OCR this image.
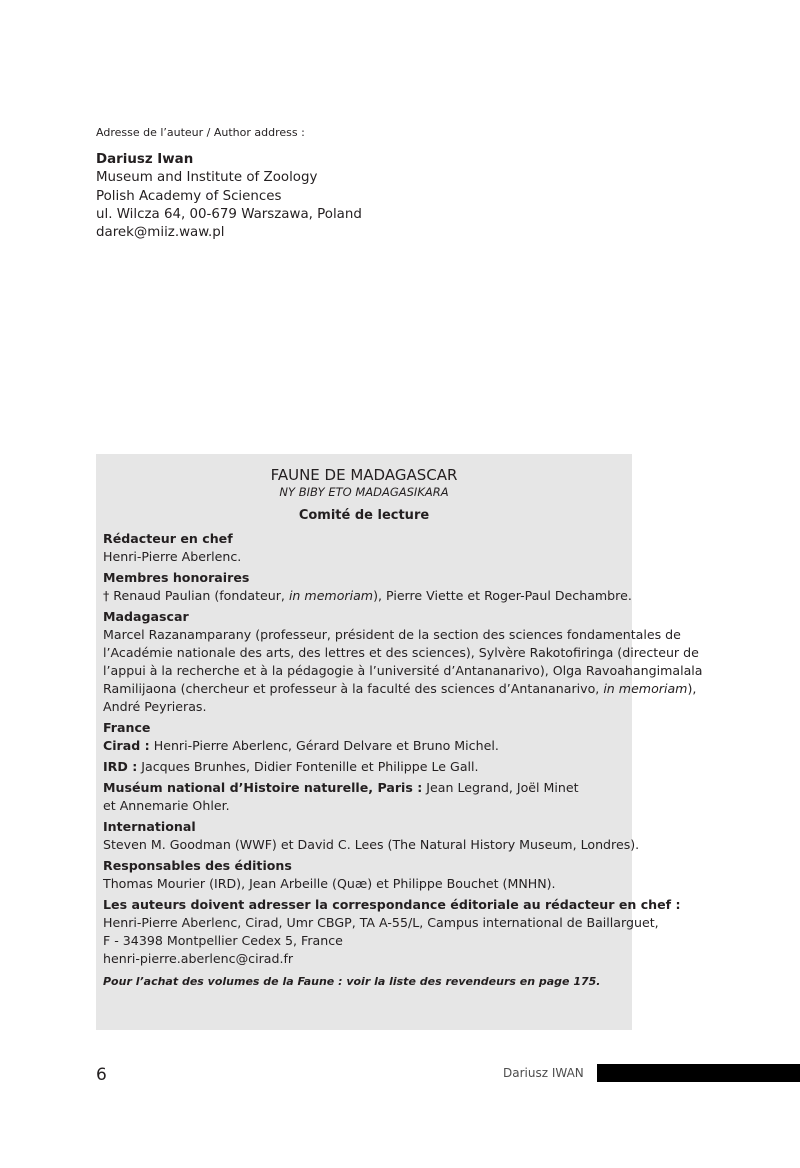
Adresse de l’auteur / Author address :
Dariusz Iwan
Museum and Institute of Zoology
Polish Academy of Sciences
ul. Wilcza 64, 00-679 Warszawa, Poland
darek@miiz.waw.pl
FAUNE DE MADAGASCAR
NY BIBY ETO MADAGASIKARA
Comité de lecture
Rédacteur en chef
Henri-Pierre Aberlenc.
Membres honoraires
† Renaud Paulian (fondateur, in memoriam), Pierre Viette et Roger-Paul Dechambre.
Madagascar
Marcel Razanamparany (professeur, président de la section des sciences fondamentales de
l’Académie nationale des arts, des lettres et des sciences), Sylvère Rakotofiringa (directeur de
l’appui à la recherche et à la pédagogie à l’université d’Antananarivo), Olga Ravoahangimalala
Ramilijaona (chercheur et professeur à la faculté des sciences d’Antananarivo, in memoriam),
André Peyrieras.
France
Cirad : Henri-Pierre Aberlenc, Gérard Delvare et Bruno Michel.
IRD : Jacques Brunhes, Didier Fontenille et Philippe Le Gall.
Muséum national d’Histoire naturelle, Paris : Jean Legrand, Joël Minet
et Annemarie Ohler.
International
Steven M. Goodman (WWF) et David C. Lees (The Natural History Museum, Londres).
Responsables des éditions
Thomas Mourier (IRD), Jean Arbeille (Quæ) et Philippe Bouchet (MNHN).
Les auteurs doivent adresser la correspondance éditoriale au rédacteur en chef :
Henri-Pierre Aberlenc, Cirad, Umr CBGP, TA A-55/L, Campus international de Baillarguet,
F - 34398 Montpellier Cedex 5, France
henri-pierre.aberlenc@cirad.fr
Pour l’achat des volumes de la Faune : voir la liste des revendeurs en page 175.
6	Dariusz IWAN
